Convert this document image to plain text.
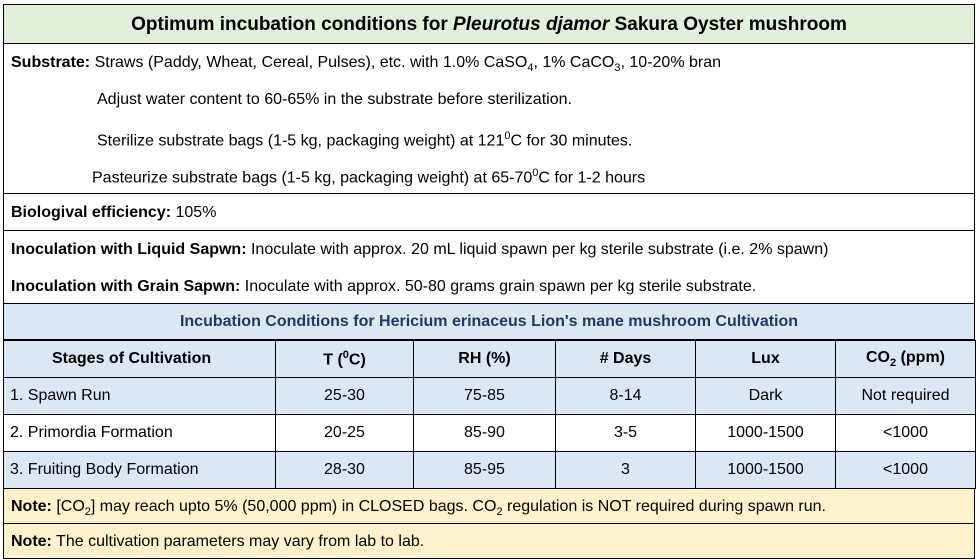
Optimum incubation conditions for Pleurotus djamor Sakura Oyster mushroom
Substrate: Straws (Paddy, Wheat, Cereal, Pulses), etc. with 1.0% CaSO$_4$, 1% CaCO$_3$, 10-20% bran
Adjust water content to 60-65% in the substrate before sterilization.
Sterilize substrate bags (1-5 kg, packaging weight) at $121^0C$ for 30 minutes.
Pasteurize substrate bags (1-5 kg, packaging weight) at $65-70^0C$ for 1-2 hours
Biologival efficiency: 105%
Inoculation with Liquid Sapwn: Inoculate with approx. 20 mL liquid spawn per kg sterile substrate (i.e. 2% spawn)
Inoculation with Grain Sapwn: Inoculate with approx. 50-80 grams grain spawn per kg sterile substrate.
Incubation Conditions for Hericium erinaceus Lion's mane mushroom Cultivation
Stages of Cultivation	T ($^0$C)	RH (%)	# Days	Lux	$CO_2$ (ppm)
1. Spawn Run	25-30	75-85	8-14	Dark	Not required
2. Primordia Formation	20-25	85-90	3-5	1000-1500	<1000
3. Fruiting Body Formation	28-30	85-95	3	1000-1500	<1000
Note: $[CO_2]$ may reach upto 5% (50,000 ppm) in CLOSED bags. $CO_2$ regulation is NOT required during spawn run.
Note: The cultivation parameters may vary from lab to lab.
